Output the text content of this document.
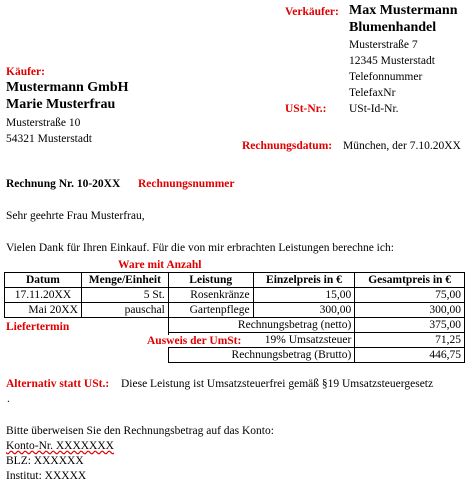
Verkäufer: Max Mustermann
Blumenhandel
Musterstraße 7
12345 Musterstadt
Telefonnummer
TelefaxNr
USt-Nr.: USt-Id-Nr.
Käufer:
Mustermann GmbH
Marie Musterfrau
Musterstraße 10
54321 Musterstadt
Rechnungsdatum: München, der 7.10.20XX
Rechnung Nr. 10-20XX Rechnungsnummer
Sehr geehrte Frau Musterfrau,
Vielen Dank für Ihren Einkauf. Für die von mir erbrachten Leistungen berechne ich:
Ware mit Anzahl
Datum	Menge/Einheit	Leistung	Einzelpreis in €	Gesamtpreis in €
17.11.20XX	5 St.	Rosenkränze	15,00	75,00
Mai 20XX	pauschal	Gartenpflege	300,00	300,00
		Rechnungsbetrag (netto)		375,00
		19% Umsatzsteuer		71,25
		Rechnungsbetrag (Brutto)		446,75
Liefertermin
Ausweis der UmSt:
Alternativ statt USt.: Diese Leistung ist Umsatzsteuerfrei gemäß §19 Umsatzsteuergesetz
.
Bitte überweisen Sie den Rechnungsbetrag auf das Konto:
Konto-Nr. XXXXXXX
BLZ: XXXXXX
Institut: XXXXX
